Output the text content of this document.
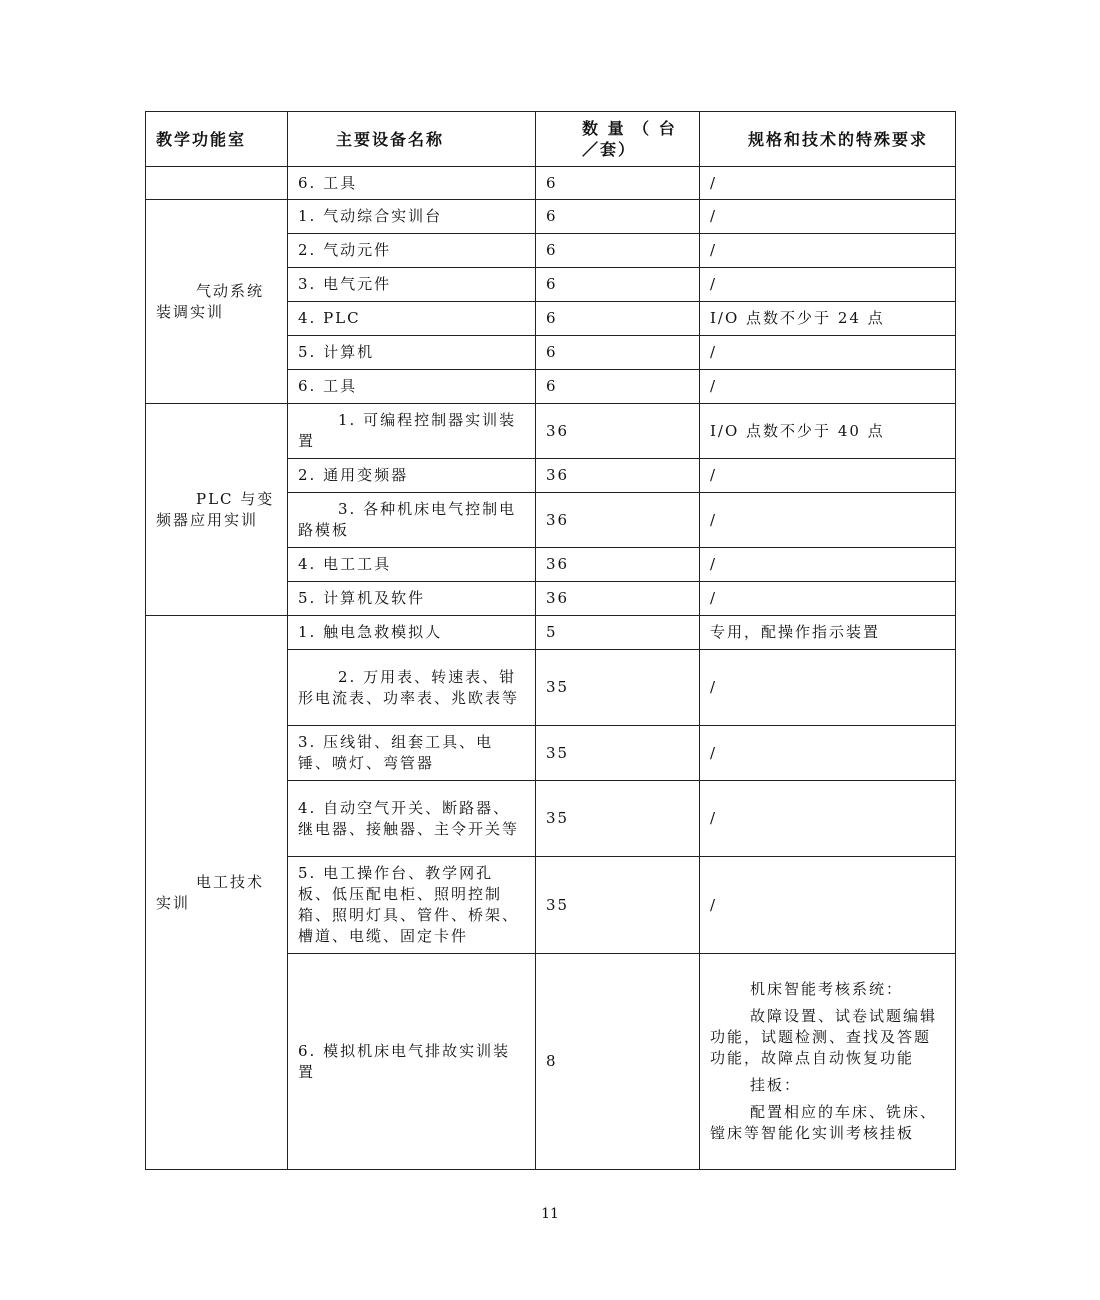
教学功能室	主要设备名称	数 量 （ 台／套）	规格和技术的特殊要求
	6. 工具	6	/
气动系统装调实训	1. 气动综合实训台	6	/
	2. 气动元件	6	/
	3. 电气元件	6	/
	4. PLC	6	I/O 点数不少于 24 点
	5. 计算机	6	/
	6. 工具	6	/
PLC 与变频器应用实训	1. 可编程控制器实训装置	36	I/O 点数不少于 40 点
	2. 通用变频器	36	/
	3. 各种机床电气控制电路模板	36	/
	4. 电工工具	36	/
	5. 计算机及软件	36	/
电工技术实训	1. 触电急救模拟人	5	专用，配操作指示装置
	2. 万用表、转速表、钳形电流表、功率表、兆欧表等	35	/
	3. 压线钳、组套工具、电锤、喷灯、弯管器	35	/
	4. 自动空气开关、断路器、继电器、接触器、主令开关等	35	/
	5. 电工操作台、教学网孔板、低压配电柜、照明控制箱、照明灯具、管件、桥架、槽道、电缆、固定卡件	35	/
	6. 模拟机床电气排故实训装置	8	机床智能考核系统：

故障设置、试卷试题编辑功能，试题检测、查找及答题功能，故障点自动恢复功能

挂板：

配置相应的车床、铣床、镗床等智能化实训考核挂板

11
